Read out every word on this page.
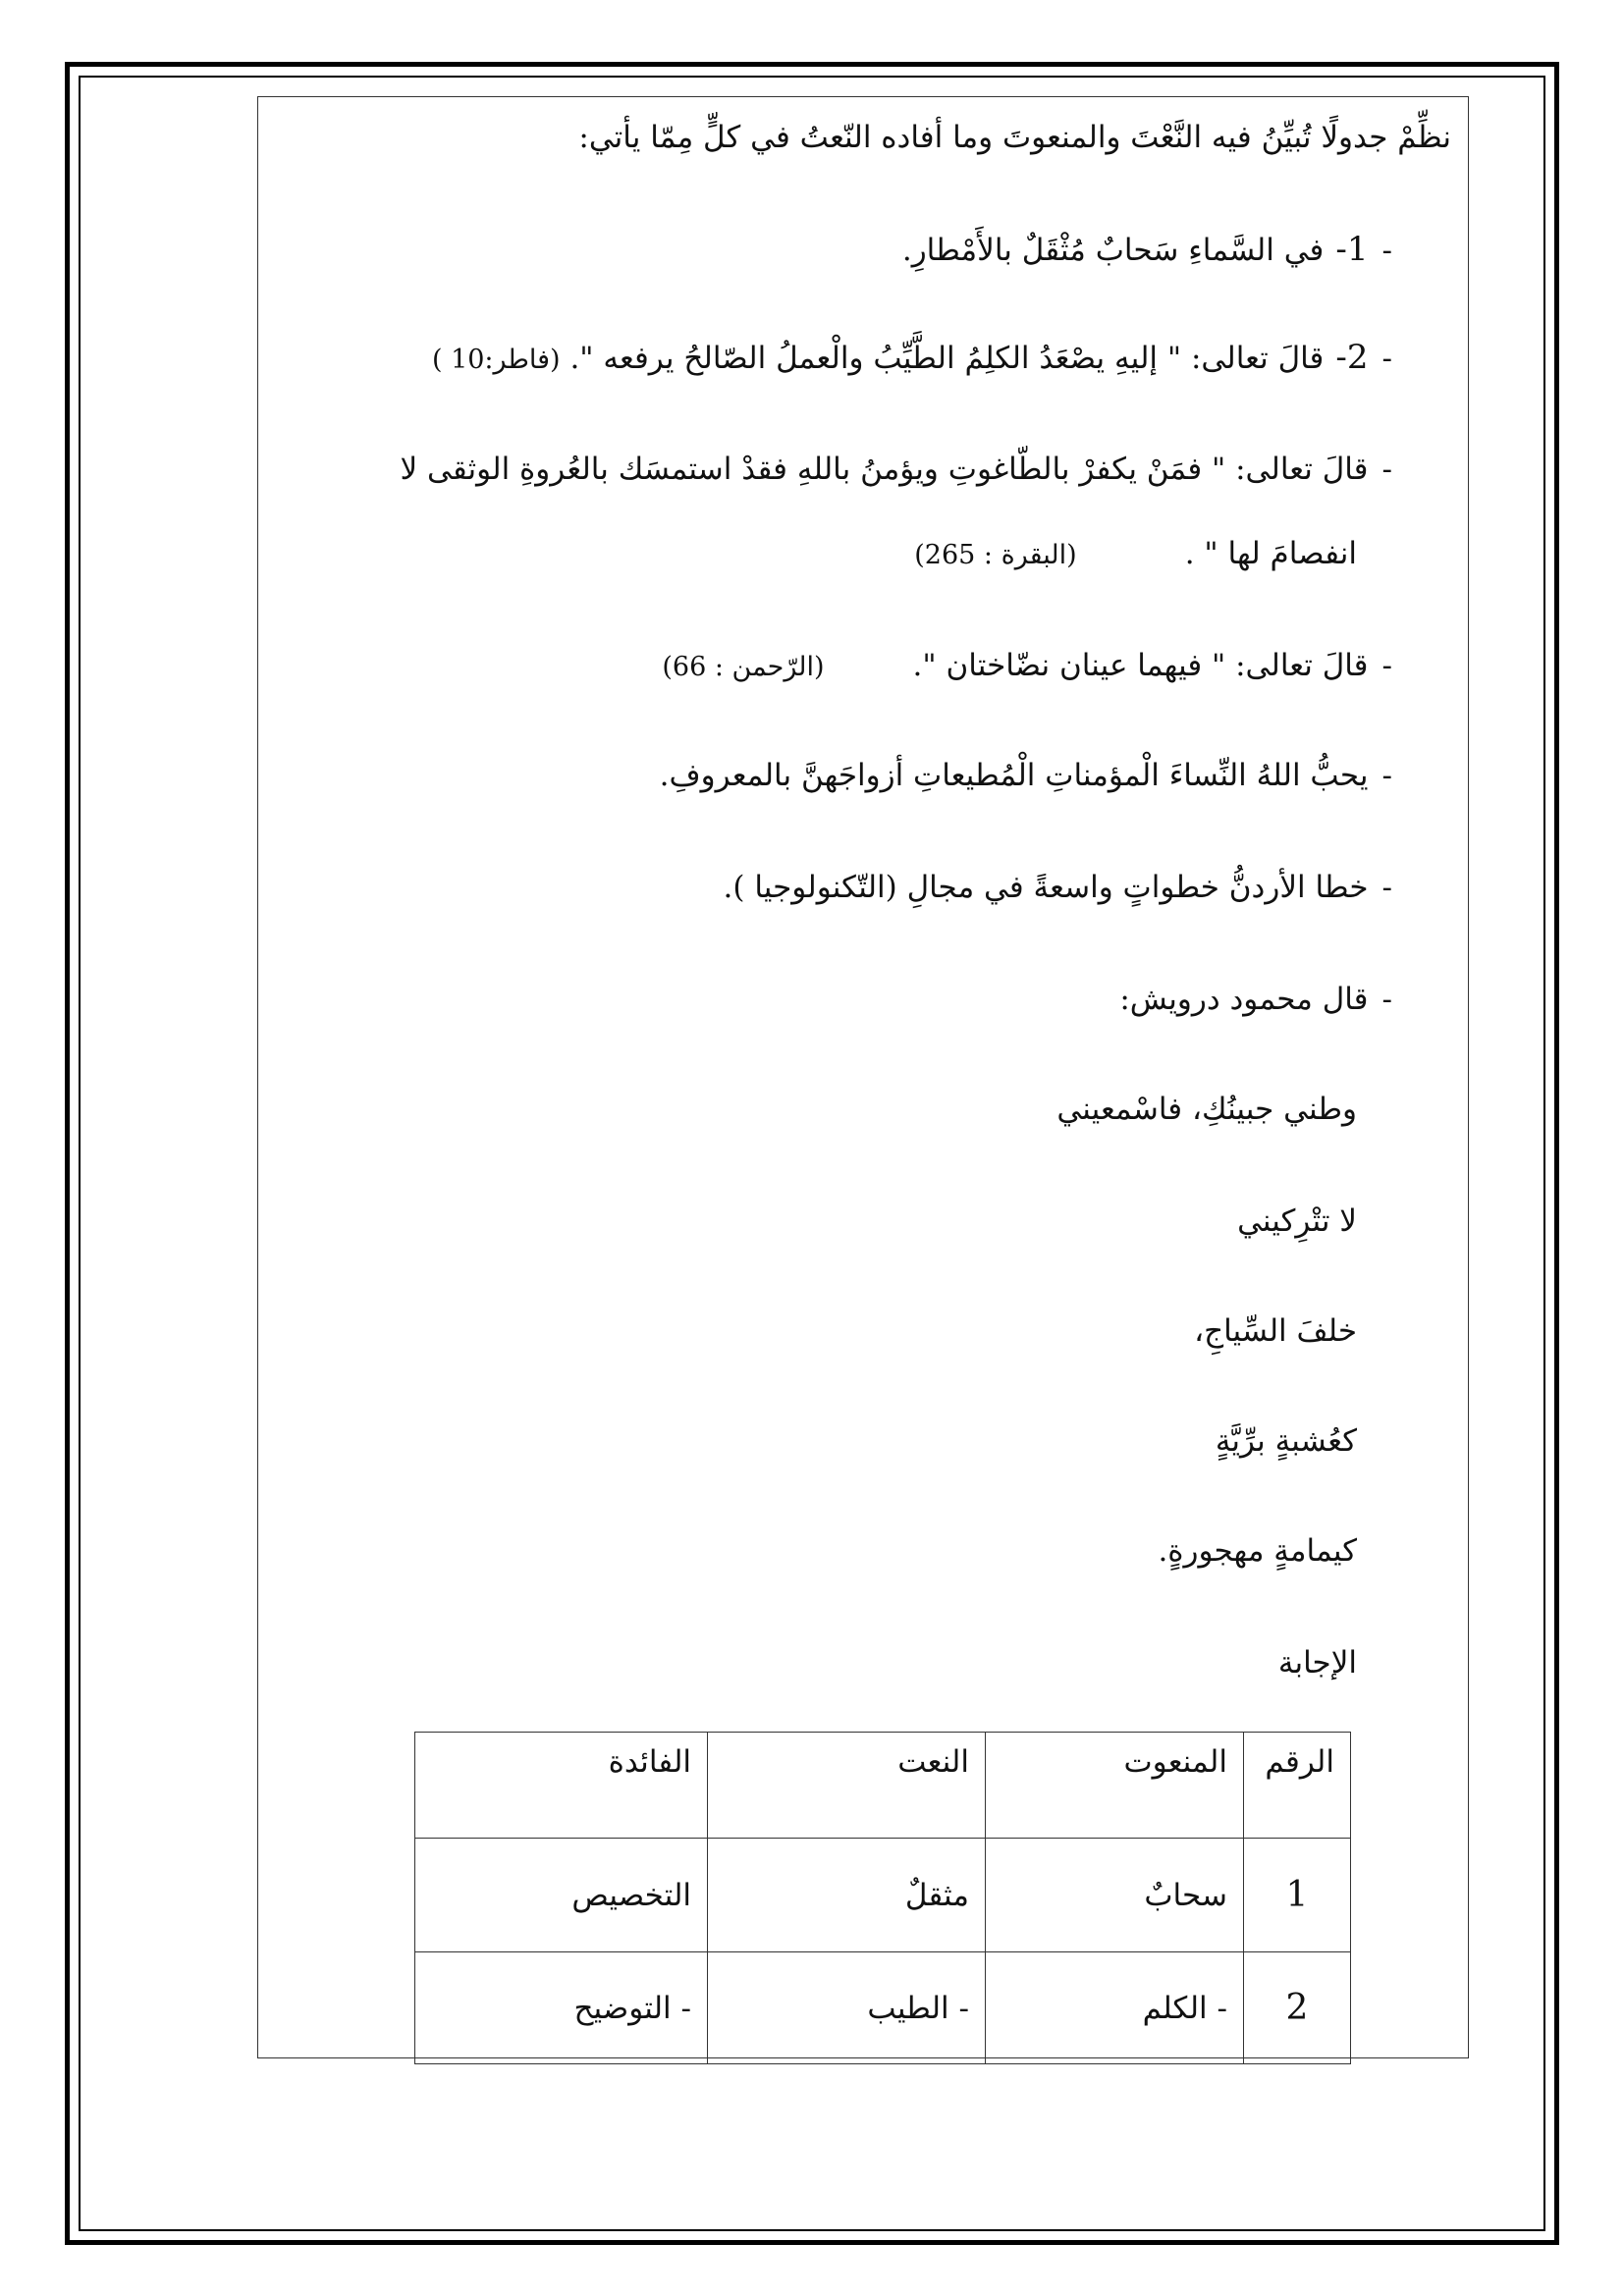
نظِّمْ جدولًا تُبيِّنُ فيه النَّعْتَ والمنعوتَ وما أفاده النّعتُ في كلٍّ مِمّا يأتي:
-1-في السَّماءِ سَحابٌ مُثْقَلٌ بالأَمْطارِ.
-2-قالَ تعالى: " إليهِ يصْعَدُ الكلِمُ الطَّيِّبُ والْعملُ الصّالحُ يرفعه ". (فاطر:10 )
-قالَ تعالى: " فمَنْ يكفرْ بالطّاغوتِ ويؤمنُ باللهِ فقدْ استمسَك بالعُروةِ الوثقى لا
انفصامَ لها " .(البقرة : 265)
-قالَ تعالى: " فيهما عينان نضّاختان ".(الرّحمن : 66)
-يحبُّ اللهُ النِّساءَ الْمؤمناتِ الْمُطيعاتِ أزواجَهنَّ بالمعروفِ.
-خطا الأردنُّ خطواتٍ واسعةً في مجالِ (التّكنولوجيا ).
-قال محمود درويش:
وطني جبينُكِ، فاسْمعيني
لا تتْرِكيني
خلفَ السِّياجِ،
كعُشبةٍ برِّيَّةٍ
كيمامةٍ مهجورةٍ.
الإجابة
الرقم	المنعوت	النعت	الفائدة
1	سحابٌ	مثقلٌ	التخصيص
2	- الكلم	- الطيب	- التوضيح
